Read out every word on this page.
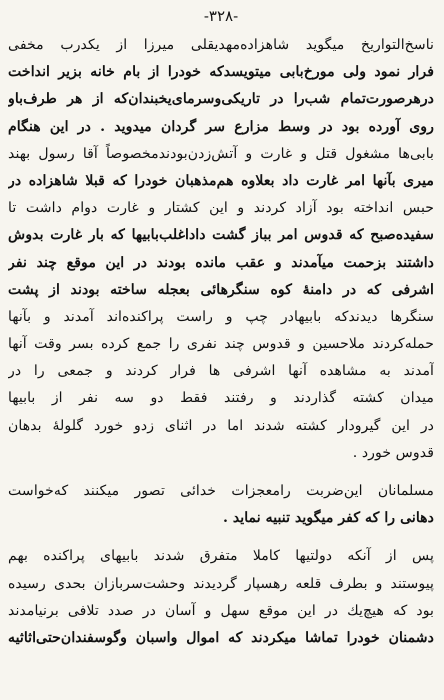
-۳۲۸-
ناسخ‌التواریخ میگوید شاهزاده‌مهدیقلی میرزا از یکدرب مخفی
فرار نمود ولی مورخ‌بابی میتویسدکه خودرا از بام خانه بزیر انداخت
درهرصورت‌تمام شب‌را در تاریکی‌وسرمای‌یخبندان‌که از هر طرف‌باو
روی آورده بود در وسط مزارع سر گردان میدوید . در این هنگام
بابی‌ها مشغول قتل و غارت و آتش‌زدن‌بودندمخصوصاً آقا رسول بهند
میری بآنها امر غارت داد بعلاوه هم‌مذهبان خودرا که قبلا شاهزاده در
حبس انداخته بود آزاد کردند و این کشتار و غارت دوام داشت تا
سفیده‌صبح که قدوس امر بباز گشت دادا‌غلب‌بابیها که بار غارت بدوش
داشتند بزحمت میآمدند و عقب مانده بودند در این موقع چند نفر
اشرفی که در دامنهٔ کوه سنگرهائی بعجله ساخته بودند از پشت
سنگرها دیدندکه بابیهادر چپ و راست پراکنده‌اند آمدند و بآنها
حمله‌کردند ملاحسین و قدوس چند نفری را جمع کرده بسر وقت آنها
آمدند به مشاهده آنها اشرفی ها فرار کردند و جمعی را در
میدان کشته گذاردند و رفتند فقط دو سه نفر از بابیها
در این گیرودار کشته شدند اما در اثنای زدو خورد گلولهٔ بدهان
قدوس خورد .
مسلمانان این‌ضربت رامعجزات خدائی تصور میکنند که‌خواست
دهانی را که کفر میگوید تنبیه نماید .
پس از آنکه دولتیها کاملا متفرق شدند بابیهای پراکنده بهم
پیوستند و بطرف قلعه رهسپار گردیدند وحشت‌سربازان بحدی رسیده
بود که هیچ‌یك در این موقع سهل و آسان در صدد تلافی برنیامدند
دشمنان خودرا تماشا میکردند که اموال واسبان وگوسفندان‌حتی‌اثاثیه
